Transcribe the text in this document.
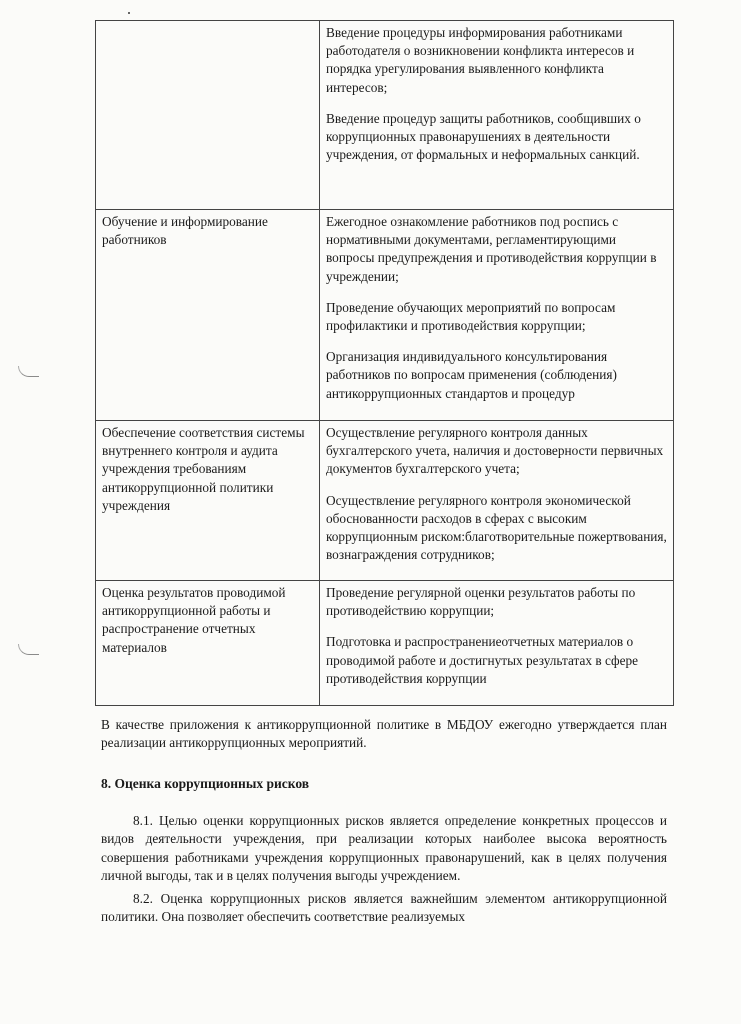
	Введение процедуры информирования работниками работодателя о возникновении конфликта интересов и порядка урегулирования выявленного конфликта интересов;

Введение процедур защиты работников, сообщивших о коррупционных правонарушениях в деятельности учреждения, от формальных и неформальных санкций.

Обучение и информирование работников	Ежегодное ознакомление работников под роспись с нормативными документами, регламентирующими вопросы предупреждения и противодействия коррупции в учреждении;

Проведение обучающих мероприятий по вопросам профилактики и противодействия коррупции;

Организация индивидуального консультирования работников по вопросам применения (соблюдения) антикоррупционных стандартов и процедур

Обеспечение соответствия системы внутреннего контроля и аудита учреждения требованиям антикоррупционной политики учреждения	Осуществление регулярного контроля данных бухгалтерского учета, наличия и достоверности первичных документов бухгалтерского учета;

Осуществление регулярного контроля экономической обоснованности расходов в сферах с высоким коррупционным риском:благотворительные пожертвования, вознаграждения сотрудников;

Оценка результатов проводимой антикоррупционной работы и распространение отчетных материалов	Проведение регулярной оценки результатов работы по противодействию коррупции;

Подготовка и распространениеотчетных материалов о проводимой работе и достигнутых результатах в сфере противодействия коррупции

В качестве приложения к антикоррупционной политике в МБДОУ ежегодно утверждается план реализации антикоррупционных мероприятий.
8. Оценка коррупционных рисков
8.1. Целью оценки коррупционных рисков является определение конкретных процессов и видов деятельности учреждения, при реализации которых наиболее высока вероятность совершения работниками учреждения коррупционных правонарушений, как в целях получения личной выгоды, так и в целях получения выгоды учреждением.
8.2. Оценка коррупционных рисков является важнейшим элементом антикоррупционной политики. Она позволяет обеспечить соответствие реализуемых
